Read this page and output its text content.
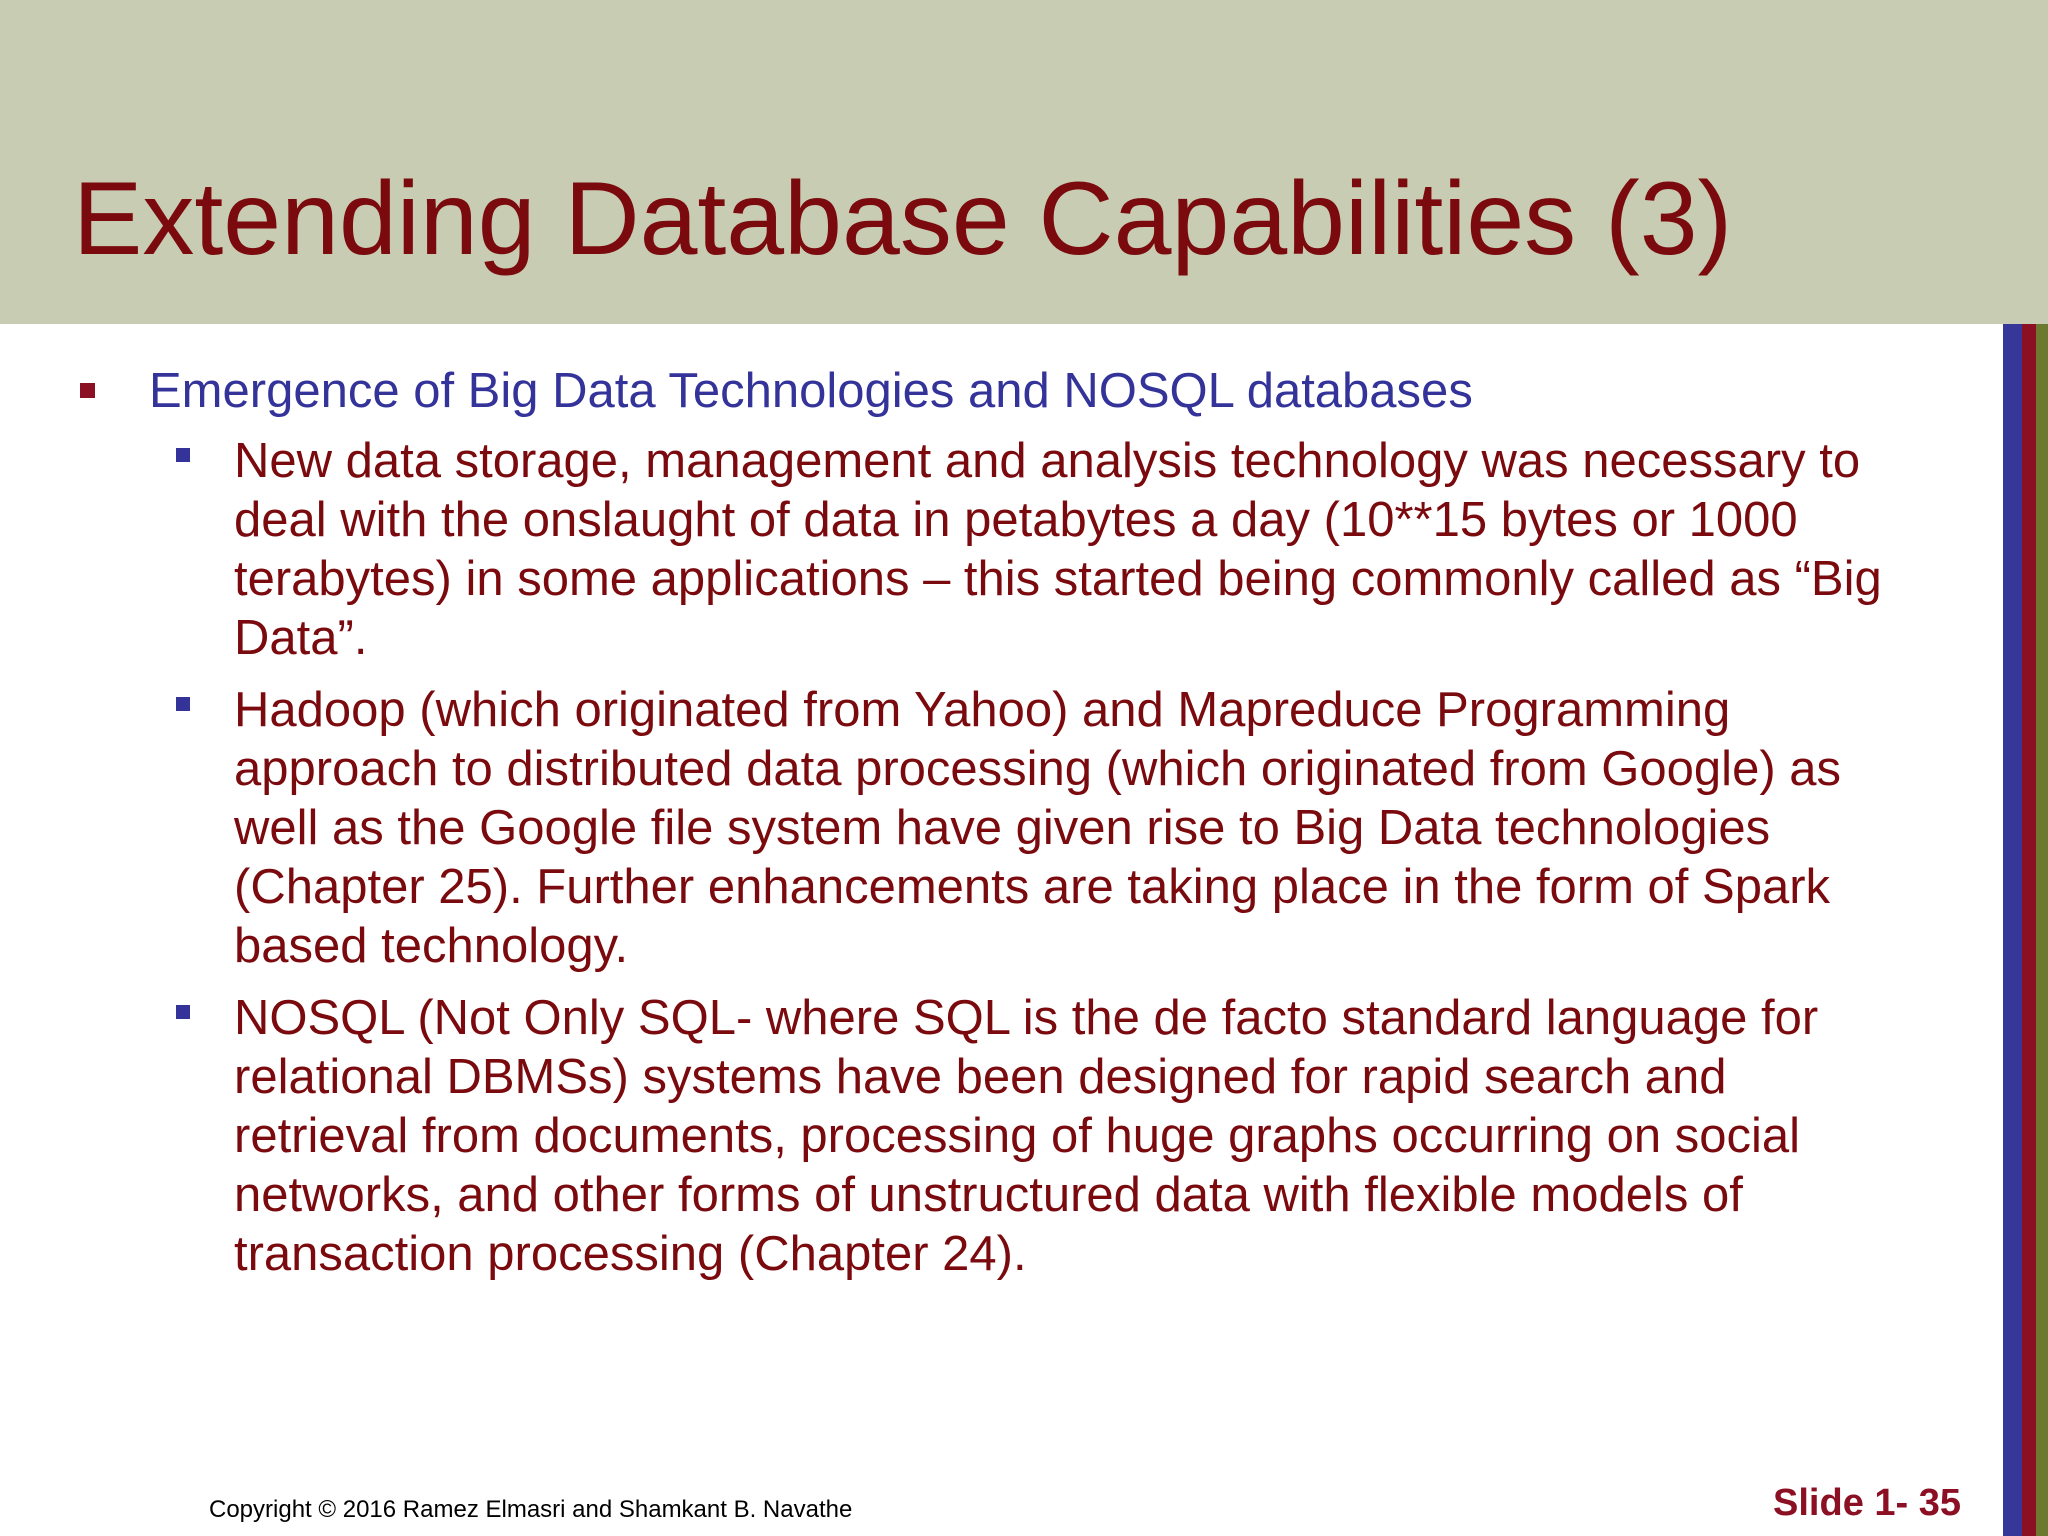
Extending Database Capabilities (3)
Emergence of Big Data Technologies and NOSQL databases
New data storage, management and analysis technology was necessary to deal with the onslaught of data in petabytes a day (10**15 bytes or 1000 terabytes) in some applications – this started being commonly called as “Big Data”.
Hadoop (which originated from Yahoo) and Mapreduce Programming approach to distributed data processing (which originated from Google) as well as the Google file system have given rise to Big Data technologies (Chapter 25). Further enhancements are taking place in the form of Spark based technology.
NOSQL (Not Only SQL- where SQL is the de facto standard language for relational DBMSs) systems have been designed for rapid search and retrieval from documents, processing of huge graphs occurring on social networks, and other forms of unstructured data with flexible models of transaction processing (Chapter 24).
Copyright © 2016 Ramez Elmasri and Shamkant B. Navathe	Slide 1- 35
